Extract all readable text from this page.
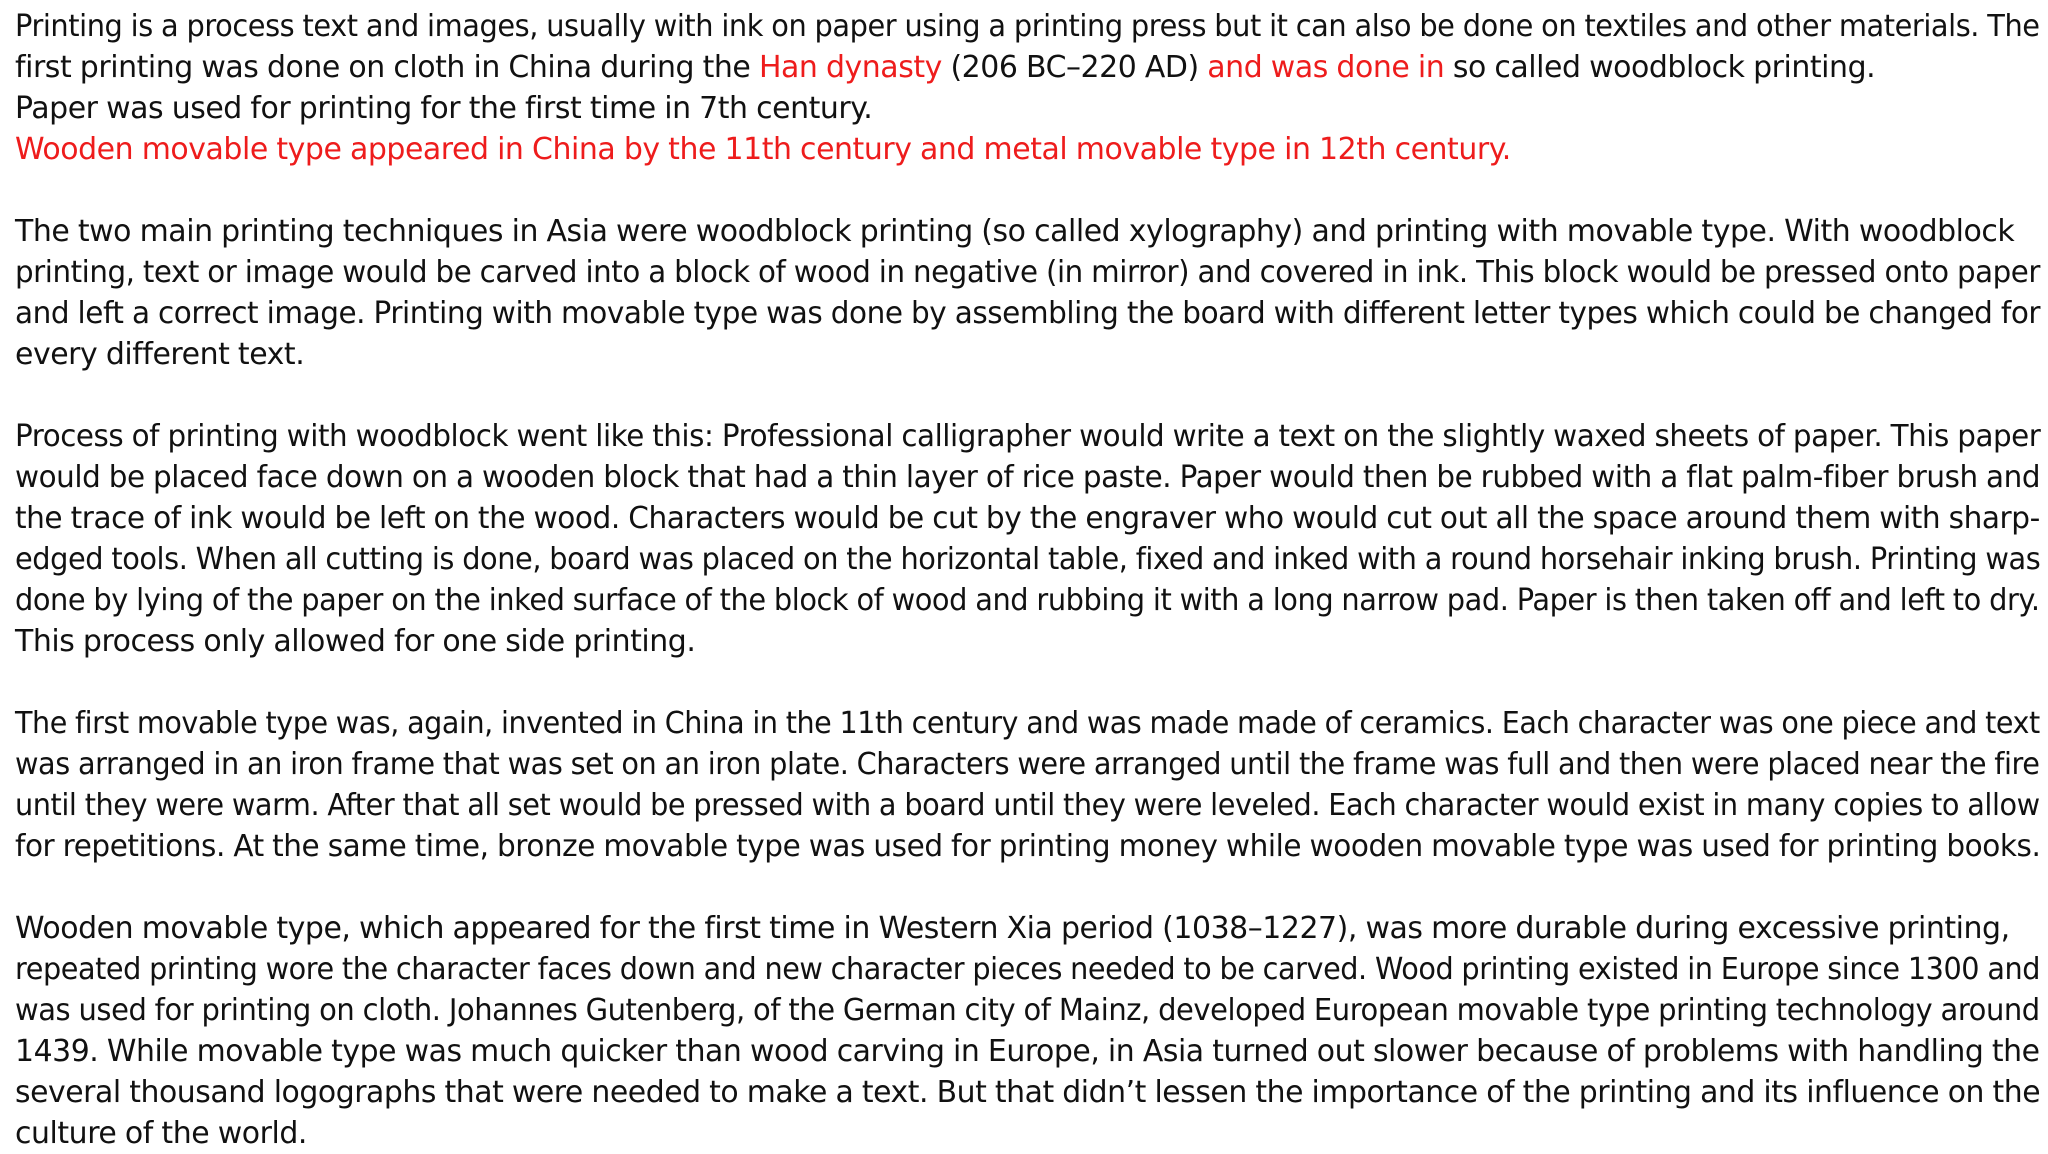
Printing is a process text and images, usually with ink on paper using a printing press but it can also be done on textiles and other materials. The
first printing was done on cloth in China during the Han dynasty (206 BC–220 AD) and was done in so called woodblock printing.
Paper was used for printing for the first time in 7th century.
Wooden movable type appeared in China by the 11th century and metal movable type in 12th century.
The two main printing techniques in Asia were woodblock printing (so called xylography) and printing with movable type. With woodblock
printing, text or image would be carved into a block of wood in negative (in mirror) and covered in ink. This block would be pressed onto paper
and left a correct image. Printing with movable type was done by assembling the board with different letter types which could be changed for
every different text.
Process of printing with woodblock went like this: Professional calligrapher would write a text on the slightly waxed sheets of paper. This paper
would be placed face down on a wooden block that had a thin layer of rice paste. Paper would then be rubbed with a flat palm-fiber brush and
the trace of ink would be left on the wood. Characters would be cut by the engraver who would cut out all the space around them with sharp-
edged tools. When all cutting is done, board was placed on the horizontal table, fixed and inked with a round horsehair inking brush. Printing was
done by lying of the paper on the inked surface of the block of wood and rubbing it with a long narrow pad. Paper is then taken off and left to dry.
This process only allowed for one side printing.
The first movable type was, again, invented in China in the 11th century and was made made of ceramics. Each character was one piece and text
was arranged in an iron frame that was set on an iron plate. Characters were arranged until the frame was full and then were placed near the fire
until they were warm. After that all set would be pressed with a board until they were leveled. Each character would exist in many copies to allow
for repetitions. At the same time, bronze movable type was used for printing money while wooden movable type was used for printing books.
Wooden movable type, which appeared for the first time in Western Xia period (1038–1227), was more durable during excessive printing,
repeated printing wore the character faces down and new character pieces needed to be carved. Wood printing existed in Europe since 1300 and
was used for printing on cloth. Johannes Gutenberg, of the German city of Mainz, developed European movable type printing technology around
1439. While movable type was much quicker than wood carving in Europe, in Asia turned out slower because of problems with handling the
several thousand logographs that were needed to make a text. But that didn’t lessen the importance of the printing and its influence on the
culture of the world.
